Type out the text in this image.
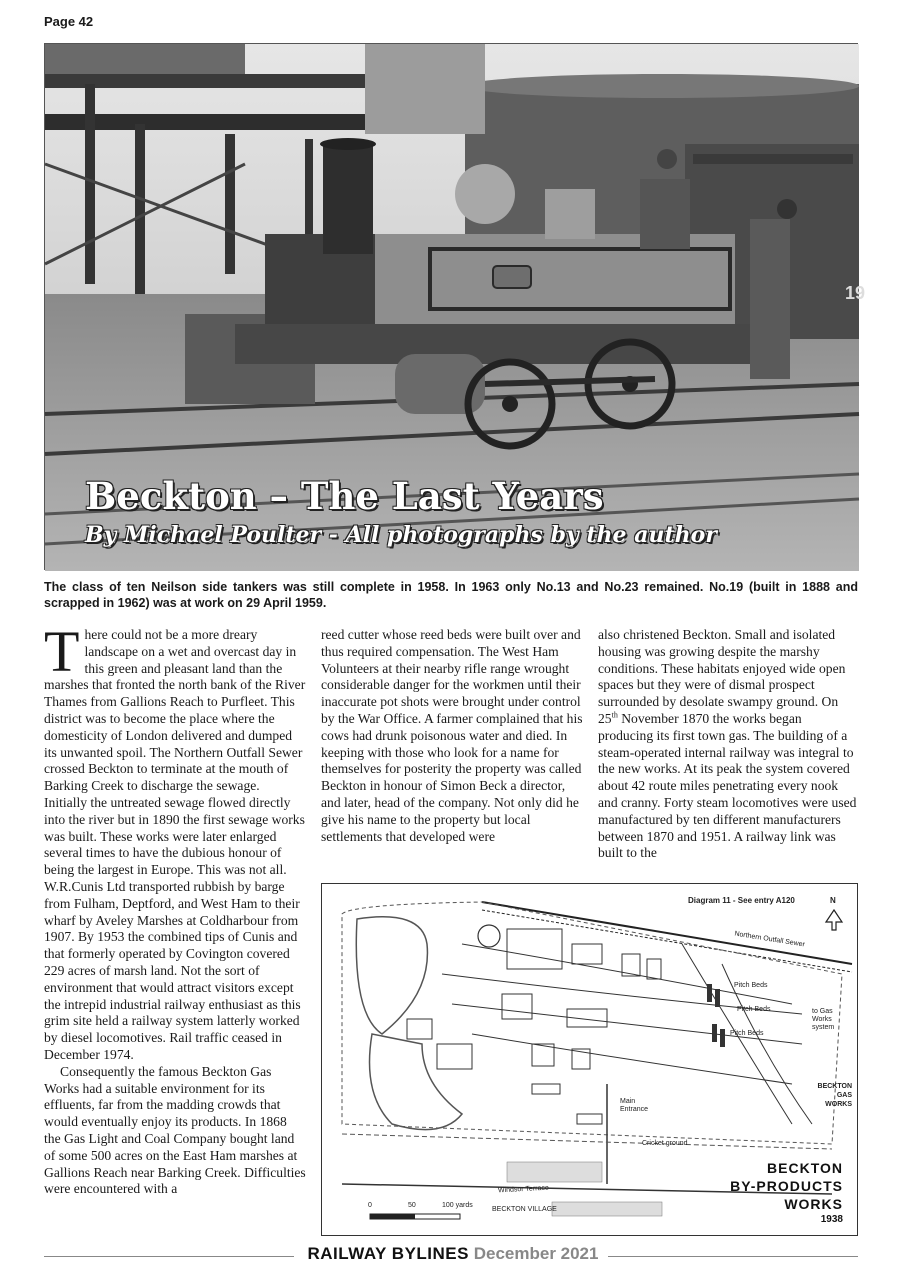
Page 42
19
Beckton – The Last Years
By Michael Poulter - All photographs by the author
The class of ten Neilson side tankers was still complete in 1958. In 1963 only No.13 and No.23 remained. No.19 (built in 1888 and scrapped in 1962) was at work on 29 April 1959.

There could not be a more dreary landscape on a wet and overcast day in this green and pleasant land than the marshes that fronted the north bank of the River Thames from Gallions Reach to Purfleet. This district was to become the place where the domesticity of London delivered and dumped its unwanted spoil. The Northern Outfall Sewer crossed Beckton to terminate at the mouth of Barking Creek to discharge the sewage. Initially the untreated sewage flowed directly into the river but in 1890 the first sewage works was built. These works were later enlarged several times to have the dubious honour of being the largest in Europe. This was not all. W.R.Cunis Ltd transported rubbish by barge from Fulham, Deptford, and West Ham to their wharf by Aveley Marshes at Coldharbour from 1907. By 1953 the combined tips of Cunis and that formerly operated by Covington covered 229 acres of marsh land. Not the sort of environment that would attract visitors except the intrepid industrial railway enthusiast as this grim site held a railway system latterly worked by diesel locomotives. Rail traffic ceased in December 1974.

Consequently the famous Beckton Gas Works had a suitable environment for its effluents, far from the madding crowds that would eventually enjoy its products. In 1868 the Gas Light and Coal Company bought land of some 500 acres on the East Ham marshes at Gallions Reach near Barking Creek. Difficulties were encountered with a

reed cutter whose reed beds were built over and thus required compensation. The West Ham Volunteers at their nearby rifle range wrought considerable danger for the workmen until their inaccurate pot shots were brought under control by the War Office. A farmer complained that his cows had drunk poisonous water and died. In keeping with those who look for a name for themselves for posterity the property was called Beckton in honour of Simon Beck a director, and later, head of the company. Not only did he give his name to the property but local settlements that developed were

also christened Beckton. Small and isolated housing was growing despite the marshy conditions. These habitats enjoyed wide open spaces but they were of dismal prospect surrounded by desolate swampy ground. On 25th November 1870 the works began producing its first town gas. The building of a steam-operated internal railway was integral to the new works. At its peak the system covered about 42 route miles penetrating every nook and cranny. Forty steam locomotives were used manufactured by ten different manufacturers between 1870 and 1951. A railway link was built to the

Diagram 11 - See entry A120	N
Northern Outfall Sewer
Pitch Beds
Pitch Beds
Pitch Beds
to Gas Works system
BECKTON GAS WORKS
Main Entrance
Cricket ground
Windsor Terrace
BECKTON VILLAGE
0	50	100 yards
BECKTON
BY-PRODUCTS
WORKS
1938
RAILWAY BYLINES December 2021
